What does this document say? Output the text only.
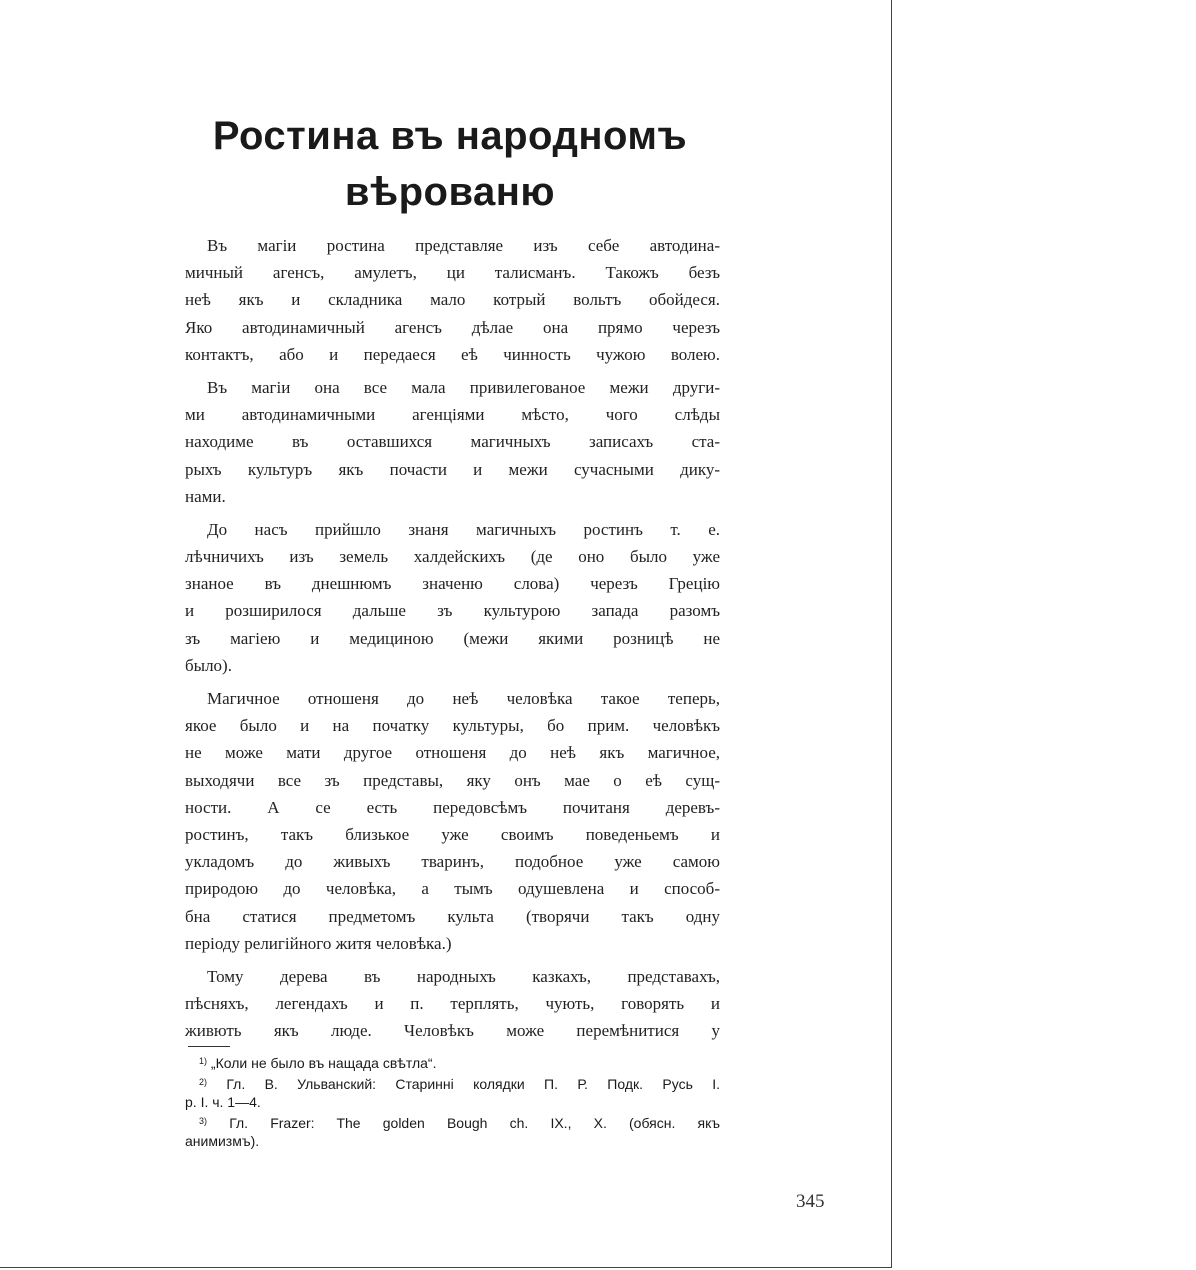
Ростина въ народномъ
вѣрованю
Въ магіи ростина представляе изъ себе автодина-
мичный агенсъ, амулетъ, ци талисманъ. Такожъ безъ
неѣ якъ и складника мало котрый вольтъ обойдеся.
Яко автодинамичный агенсъ дѣлае она прямо черезъ
контактъ, або и передаеся еѣ чинность чужою волею.
Въ магіи она все мала привилегованое межи други-
ми автодинамичными агенціями мѣсто, чого слѣды
находиме въ оставшихся магичныхъ записахъ ста-
рыхъ культуръ якъ почасти и межи сучасными дику-
нами.
До насъ прийшло знаня магичныхъ ростинъ т. е.
лѣчничихъ изъ земель халдейскихъ (де оно было уже
знаное въ днешнюмъ значеню слова) черезъ Грецію
и розширилося дальше зъ культурою запада разомъ
зъ магіею и медициною (межи якими розницѣ не
было).
Магичное отношеня до неѣ человѣка такое теперь,
якое было и на початку культуры, бо прим. человѣкъ
не може мати другое отношеня до неѣ якъ магичное,
выходячи все зъ представы, яку онъ мае о еѣ сущ-
ности. А се есть передовсѣмъ почитаня деревъ-
ростинъ, такъ близькое уже своимъ поведеньемъ и
укладомъ до живыхъ тваринъ, подобное уже самою
природою до человѣка, а тымъ одушевлена и способ-
бна статися предметомъ культа (творячи такъ одну
періоду религійного житя человѣка.)
Тому дерева въ народныхъ казкахъ, представахъ,
пѣсняхъ, легендахъ и п. терплять, чують, говорять и
живють якъ люде. Человѣкъ може перемѣнитися у
$^{1)}$ „Коли не было въ нащада свѣтла“.
$^{2)}$ Гл. В. Ульванский: Старинні колядки П. Р. Подк. Русь I.
p. I. ч. 1—4.
$^{3)}$ Гл. Frazer: The golden Bough ch. IX., X. (обясн. якъ
анимизмъ).
345
